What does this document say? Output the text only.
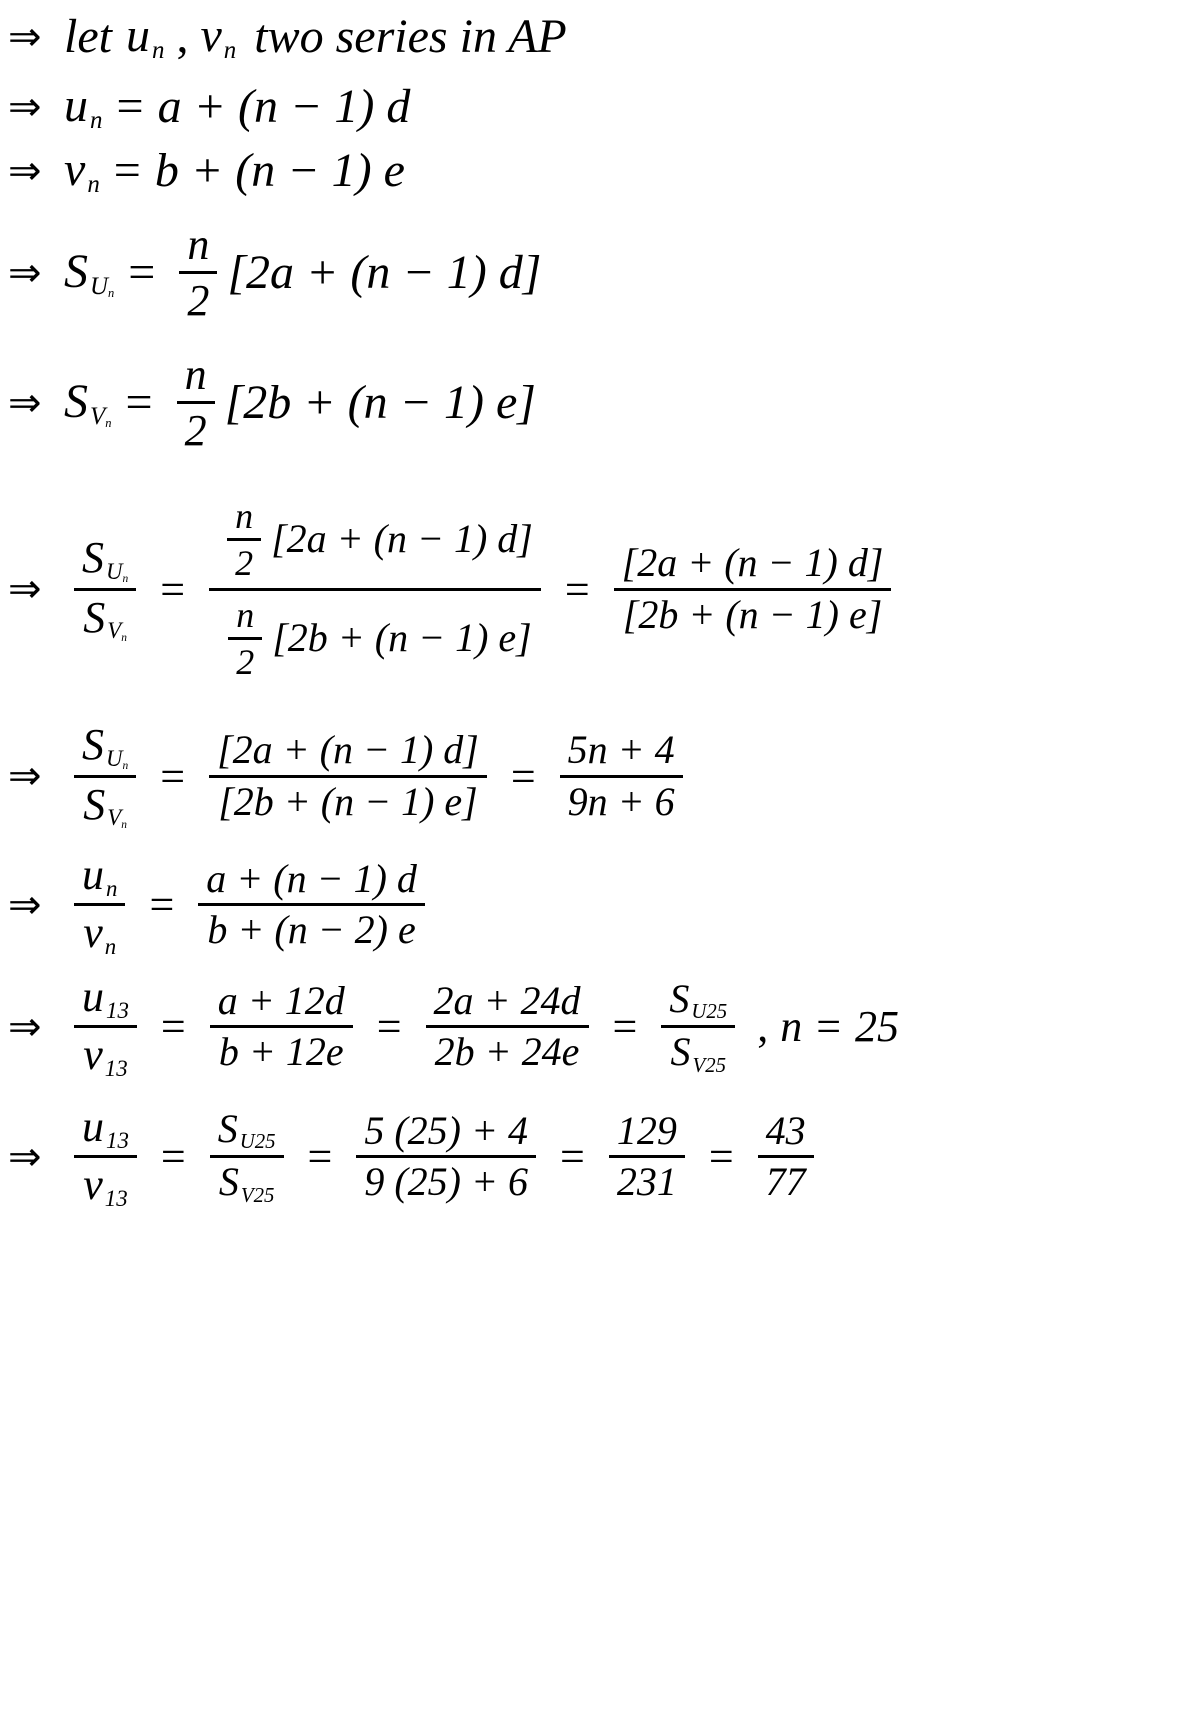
⇒ let $u_n$ , $v_n$ two series in AP
⇒ $u_n = a + (n - 1)$ d
⇒ $v_n = b + (n - 1)$ e
⇒ $S_{Un} = \frac{n}{2} [2a + (n - 1)$ d]
⇒ $S_{Vn} = \frac{n}{2} [2b + (n - 1)$ e]
⇒ $\frac{S_{Un}}{S_{Vn}} = \frac{\frac{n}{2} [2a + (n - 1) d]}{\frac{n}{2} [2b + (n - 1) e]} = \frac{[2a + (n - 1) d]}{[2b + (n - 1) e]}$
⇒ $\frac{S_{Un}}{S_{Vn}} = \frac{[2a + (n - 1) d]}{[2b + (n - 1) e]} = \frac{5n + 4}{9n + 6}$
⇒ $\frac{u_n}{v_n} = \frac{a + (n - 1) d}{b + (n - 2) e}$
⇒ $\frac{u_{13}}{v_{13}} = \frac{a + 12d}{b + 12e} = \frac{2a + 24d}{2b + 24e} = \frac{S_{U25}}{S_{V25}}$ , n = 25
⇒ $\frac{u_{13}}{v_{13}} = \frac{S_{U25}}{S_{V25}} = \frac{5 (25) + 4}{9 (25) + 6} = \frac{129}{231} = \frac{43}{77}$
